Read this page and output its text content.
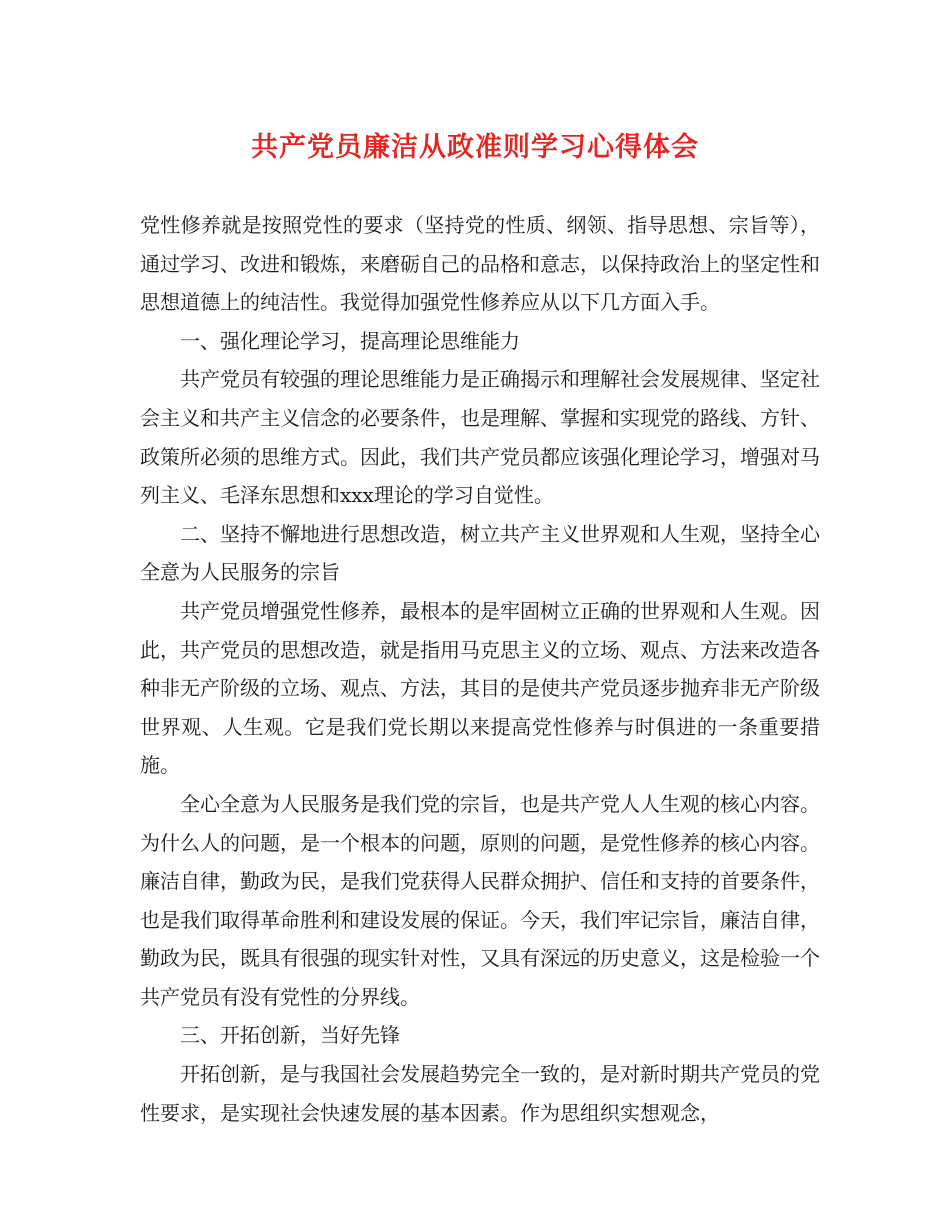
共产党员廉洁从政准则学习心得体会

党性修养就是按照党性的要求（坚持党的性质、纲领、指导思想、宗旨等），通过学习、改进和锻炼，来磨砺自己的品格和意志，以保持政治上的坚定性和思想道德上的纯洁性。我觉得加强党性修养应从以下几方面入手。

一、强化理论学习，提高理论思维能力

共产党员有较强的理论思维能力是正确揭示和理解社会发展规律、坚定社会主义和共产主义信念的必要条件，也是理解、掌握和实现党的路线、方针、政策所必须的思维方式。因此，我们共产党员都应该强化理论学习，增强对马列主义、毛泽东思想和xxx理论的学习自觉性。

二、坚持不懈地进行思想改造，树立共产主义世界观和人生观，坚持全心全意为人民服务的宗旨

共产党员增强党性修养，最根本的是牢固树立正确的世界观和人生观。因此，共产党员的思想改造，就是指用马克思主义的立场、观点、方法来改造各种非无产阶级的立场、观点、方法，其目的是使共产党员逐步抛弃非无产阶级世界观、人生观。它是我们党长期以来提高党性修养与时俱进的一条重要措施。

全心全意为人民服务是我们党的宗旨，也是共产党人人生观的核心内容。为什么人的问题，是一个根本的问题，原则的问题，是党性修养的核心内容。廉洁自律，勤政为民，是我们党获得人民群众拥护、信任和支持的首要条件，也是我们取得革命胜利和建设发展的保证。今天，我们牢记宗旨，廉洁自律，勤政为民，既具有很强的现实针对性，又具有深远的历史意义，这是检验一个共产党员有没有党性的分界线。

三、开拓创新，当好先锋

开拓创新，是与我国社会发展趋势完全一致的，是对新时期共产党员的党性要求，是实现社会快速发展的基本因素。作为思组织实想观念，
